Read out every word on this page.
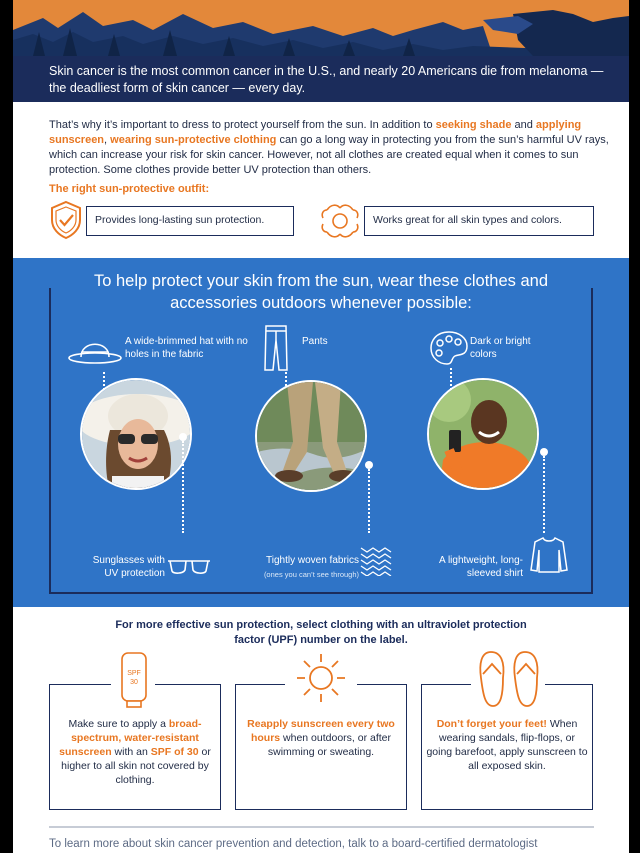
Skin cancer is the most common cancer in the U.S., and nearly 20 Americans die from melanoma — the deadliest form of skin cancer — every day.
That’s why it’s important to dress to protect yourself from the sun. In addition to seeking shade and applying sunscreen, wearing sun-protective clothing can go a long way in protecting you from the sun’s harmful UV rays, which can increase your risk for skin cancer. However, not all clothes are created equal when it comes to sun protection. Some clothes provide better UV protection than others.
The right sun-protective outfit:
Provides long-lasting sun protection.	Works great for all skin types and colors.
To help protect your skin from the sun, wear these clothes and accessories outdoors whenever possible:
A wide-brimmed hat with no holes in the fabric
Pants	Dark or bright colors
Sunglasses with UV protection
Tightly woven fabrics
(ones you can’t see through)
A lightweight, long-sleeved shirt
For more effective sun protection, select clothing with an ultraviolet protection factor (UPF) number on the label.
SPF
30
Make sure to apply a broad-spectrum, water-resistant sunscreen with an SPF of 30 or higher to all skin not covered by clothing.
Reapply sunscreen every two hours when outdoors, or after swimming or sweating.
Don’t forget your feet! When wearing sandals, flip-flops, or going barefoot, apply sunscreen to all exposed skin.
To learn more about skin cancer prevention and detection, talk to a board-certified dermatologist
